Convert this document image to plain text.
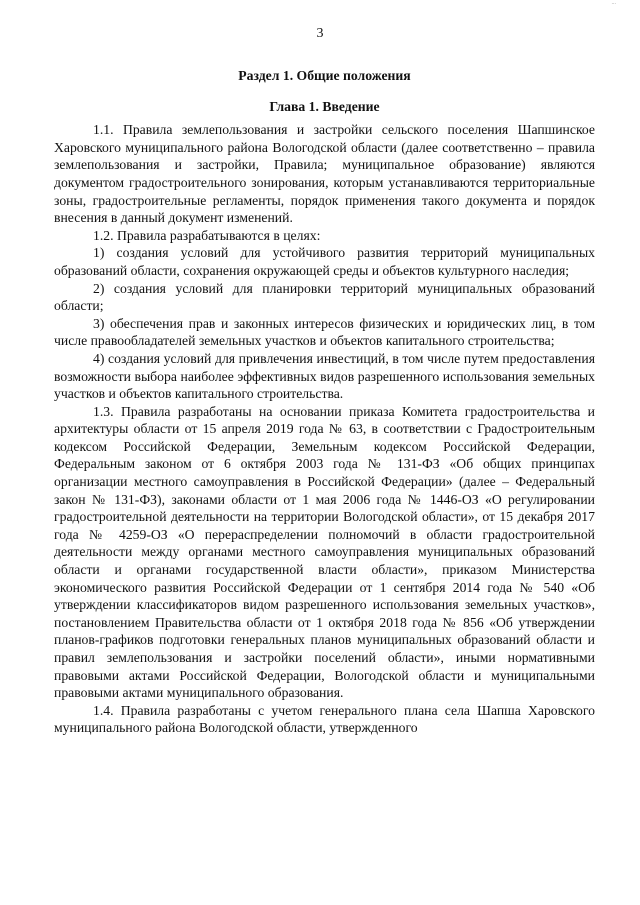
...
3

Раздел 1. Общие положения

Глава 1. Введение

1.1. Правила землепользования и застройки сельского поселения Шапшинское Харовского муниципального района Вологодской области (далее соответственно – правила землепользования и застройки, Правила; муниципальное образование) являются документом градостроительного зонирования, которым устанавливаются территориальные зоны, градостроительные регламенты, порядок применения такого документа и порядок внесения в данный документ изменений.

1.2. Правила разрабатываются в целях:

1) создания условий для устойчивого развития территорий муниципальных образований области, сохранения окружающей среды и объектов культурного наследия;

2) создания условий для планировки территорий муниципальных образований области;

3) обеспечения прав и законных интересов физических и юридических лиц, в том числе правообладателей земельных участков и объектов капитального строительства;

4) создания условий для привлечения инвестиций, в том числе путем предоставления возможности выбора наиболее эффективных видов разрешенного использования земельных участков и объектов капитального строительства.

1.3. Правила разработаны на основании приказа Комитета градостроительства и архитектуры области от 15 апреля 2019 года № 63, в соответствии с Градостроительным кодексом Российской Федерации, Земельным кодексом Российской Федерации, Федеральным законом от 6 октября 2003 года № 131-ФЗ «Об общих принципах организации местного самоуправления в Российской Федерации» (далее – Федеральный закон № 131-ФЗ), законами области от 1 мая 2006 года № 1446-ОЗ «О регулировании градостроительной деятельности на территории Вологодской области», от 15 декабря 2017 года № 4259-ОЗ «О перераспределении полномочий в области градостроительной деятельности между органами местного самоуправления муниципальных образований области и органами государственной власти области», приказом Министерства экономического развития Российской Федерации от 1 сентября 2014 года № 540 «Об утверждении классификаторов видом разрешенного использования земельных участков», постановлением Правительства области от 1 октября 2018 года № 856 «Об утверждении планов-графиков подготовки генеральных планов муниципальных образований области и правил землепользования и застройки поселений области», иными нормативными правовыми актами Российской Федерации, Вологодской области и муниципальными правовыми актами муниципального образования.

1.4. Правила разработаны с учетом генерального плана села Шапша Харовского муниципального района Вологодской области, утвержденного
